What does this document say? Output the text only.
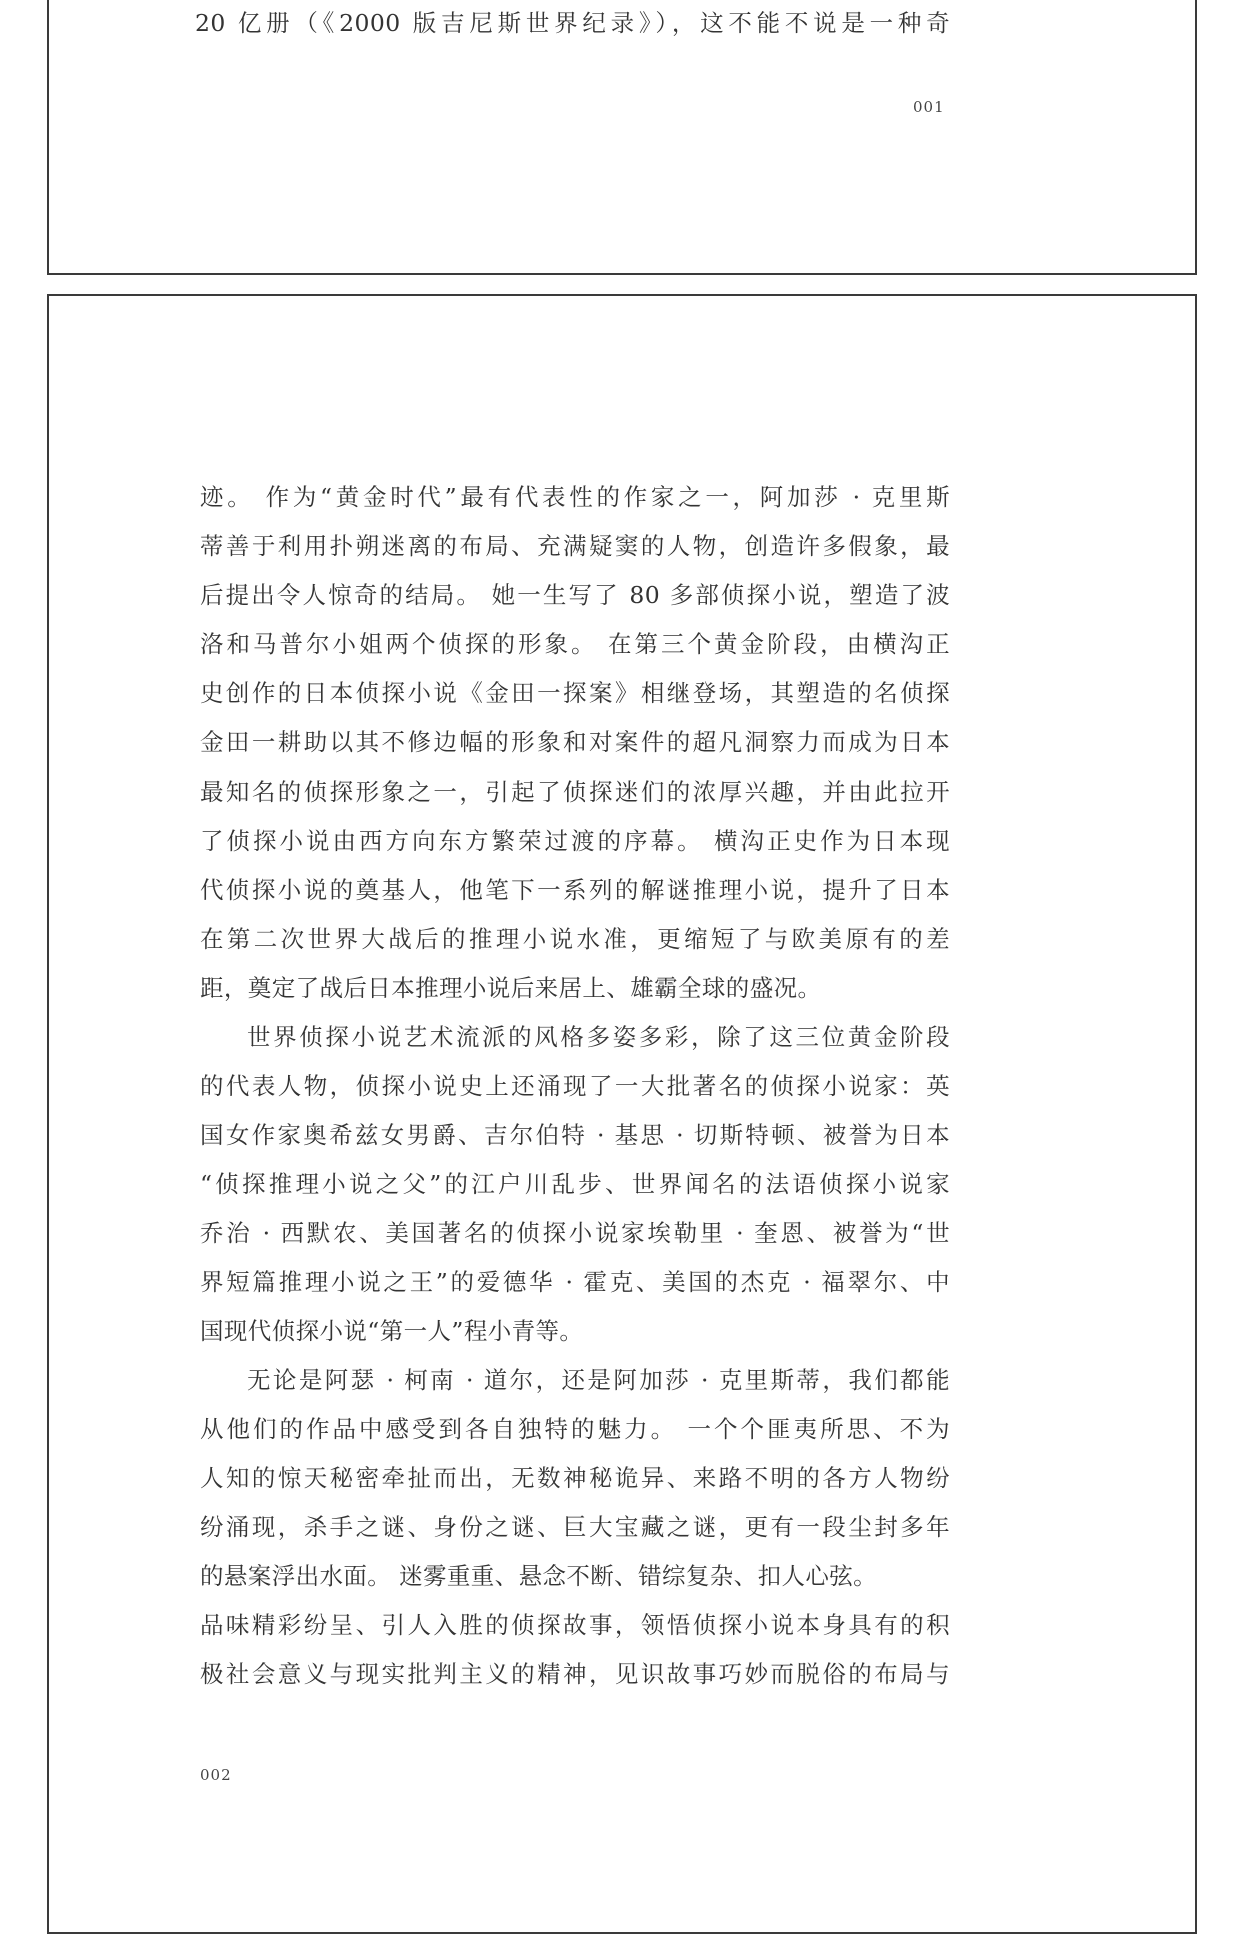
20 亿册（《2000 版吉尼斯世界纪录》），这不能不说是一种奇
001
迹。 作为“黄金时代”最有代表性的作家之一，阿加莎 · 克里斯
蒂善于利用扑朔迷离的布局、充满疑窦的人物，创造许多假象，最
后提出令人惊奇的结局。 她一生写了 80 多部侦探小说，塑造了波
洛和马普尔小姐两个侦探的形象。 在第三个黄金阶段，由横沟正
史创作的日本侦探小说《金田一探案》相继登场，其塑造的名侦探
金田一耕助以其不修边幅的形象和对案件的超凡洞察力而成为日本
最知名的侦探形象之一，引起了侦探迷们的浓厚兴趣，并由此拉开
了侦探小说由西方向东方繁荣过渡的序幕。 横沟正史作为日本现
代侦探小说的奠基人，他笔下一系列的解谜推理小说，提升了日本
在第二次世界大战后的推理小说水准，更缩短了与欧美原有的差
距，奠定了战后日本推理小说后来居上、雄霸全球的盛况。
世界侦探小说艺术流派的风格多姿多彩，除了这三位黄金阶段
的代表人物，侦探小说史上还涌现了一大批著名的侦探小说家：英
国女作家奥希兹女男爵、吉尔伯特 · 基思 · 切斯特顿、被誉为日本
“侦探推理小说之父”的江户川乱步、世界闻名的法语侦探小说家
乔治 · 西默农、美国著名的侦探小说家埃勒里 · 奎恩、被誉为“世
界短篇推理小说之王”的爱德华 · 霍克、美国的杰克 · 福翠尔、中
国现代侦探小说“第一人”程小青等。
无论是阿瑟 · 柯南 · 道尔，还是阿加莎 · 克里斯蒂，我们都能
从他们的作品中感受到各自独特的魅力。 一个个匪夷所思、不为
人知的惊天秘密牵扯而出，无数神秘诡异、来路不明的各方人物纷
纷涌现，杀手之谜、身份之谜、巨大宝藏之谜，更有一段尘封多年
的悬案浮出水面。 迷雾重重、悬念不断、错综复杂、扣人心弦。
品味精彩纷呈、引人入胜的侦探故事，领悟侦探小说本身具有的积
极社会意义与现实批判主义的精神，见识故事巧妙而脱俗的布局与
002
